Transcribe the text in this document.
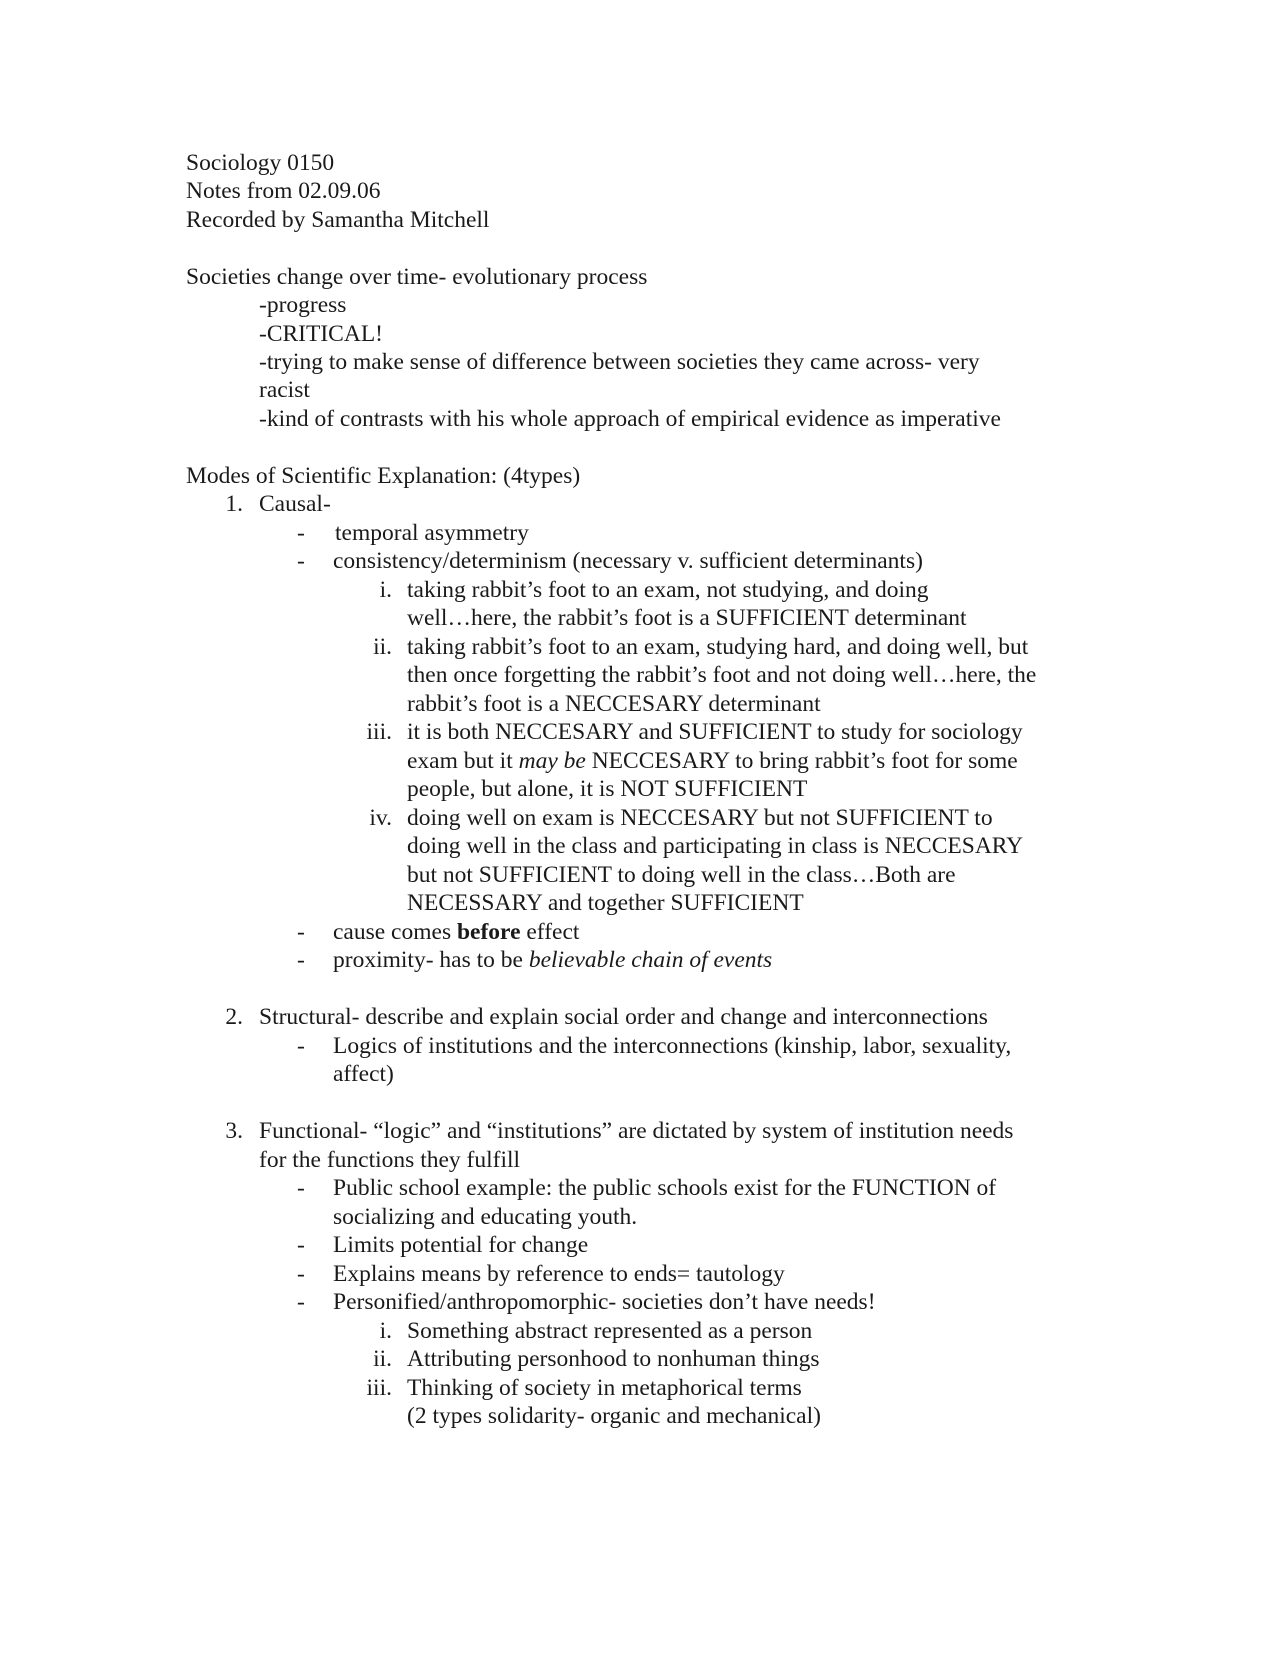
Sociology 0150
Notes from 02.09.06
Recorded by Samantha Mitchell
Societies change over time- evolutionary process
-progress
-CRITICAL!
-trying to make sense of difference between societies they came across- very
racist
-kind of contrasts with his whole approach of empirical evidence as imperative
Modes of Scientific Explanation: (4types)
1. Causal-
- temporal asymmetry
- consistency/determinism (necessary v. sufficient determinants)
i. taking rabbit’s foot to an exam, not studying, and doing
well…here, the rabbit’s foot is a SUFFICIENT determinant
ii. taking rabbit’s foot to an exam, studying hard, and doing well, but
then once forgetting the rabbit’s foot and not doing well…here, the
rabbit’s foot is a NECCESARY determinant
iii. it is both NECCESARY and SUFFICIENT to study for sociology
exam but it may be NECCESARY to bring rabbit’s foot for some
people, but alone, it is NOT SUFFICIENT
iv. doing well on exam is NECCESARY but not SUFFICIENT to
doing well in the class and participating in class is NECCESARY
but not SUFFICIENT to doing well in the class…Both are
NECESSARY and together SUFFICIENT
- cause comes before effect
- proximity- has to be believable chain of events
2. Structural- describe and explain social order and change and interconnections
- Logics of institutions and the interconnections (kinship, labor, sexuality,
affect)
3. Functional- “logic” and “institutions” are dictated by system of institution needs
for the functions they fulfill
- Public school example: the public schools exist for the FUNCTION of
socializing and educating youth.
- Limits potential for change
- Explains means by reference to ends= tautology
- Personified/anthropomorphic- societies don’t have needs!
i. Something abstract represented as a person
ii. Attributing personhood to nonhuman things
iii. Thinking of society in metaphorical terms
(2 types solidarity- organic and mechanical)
